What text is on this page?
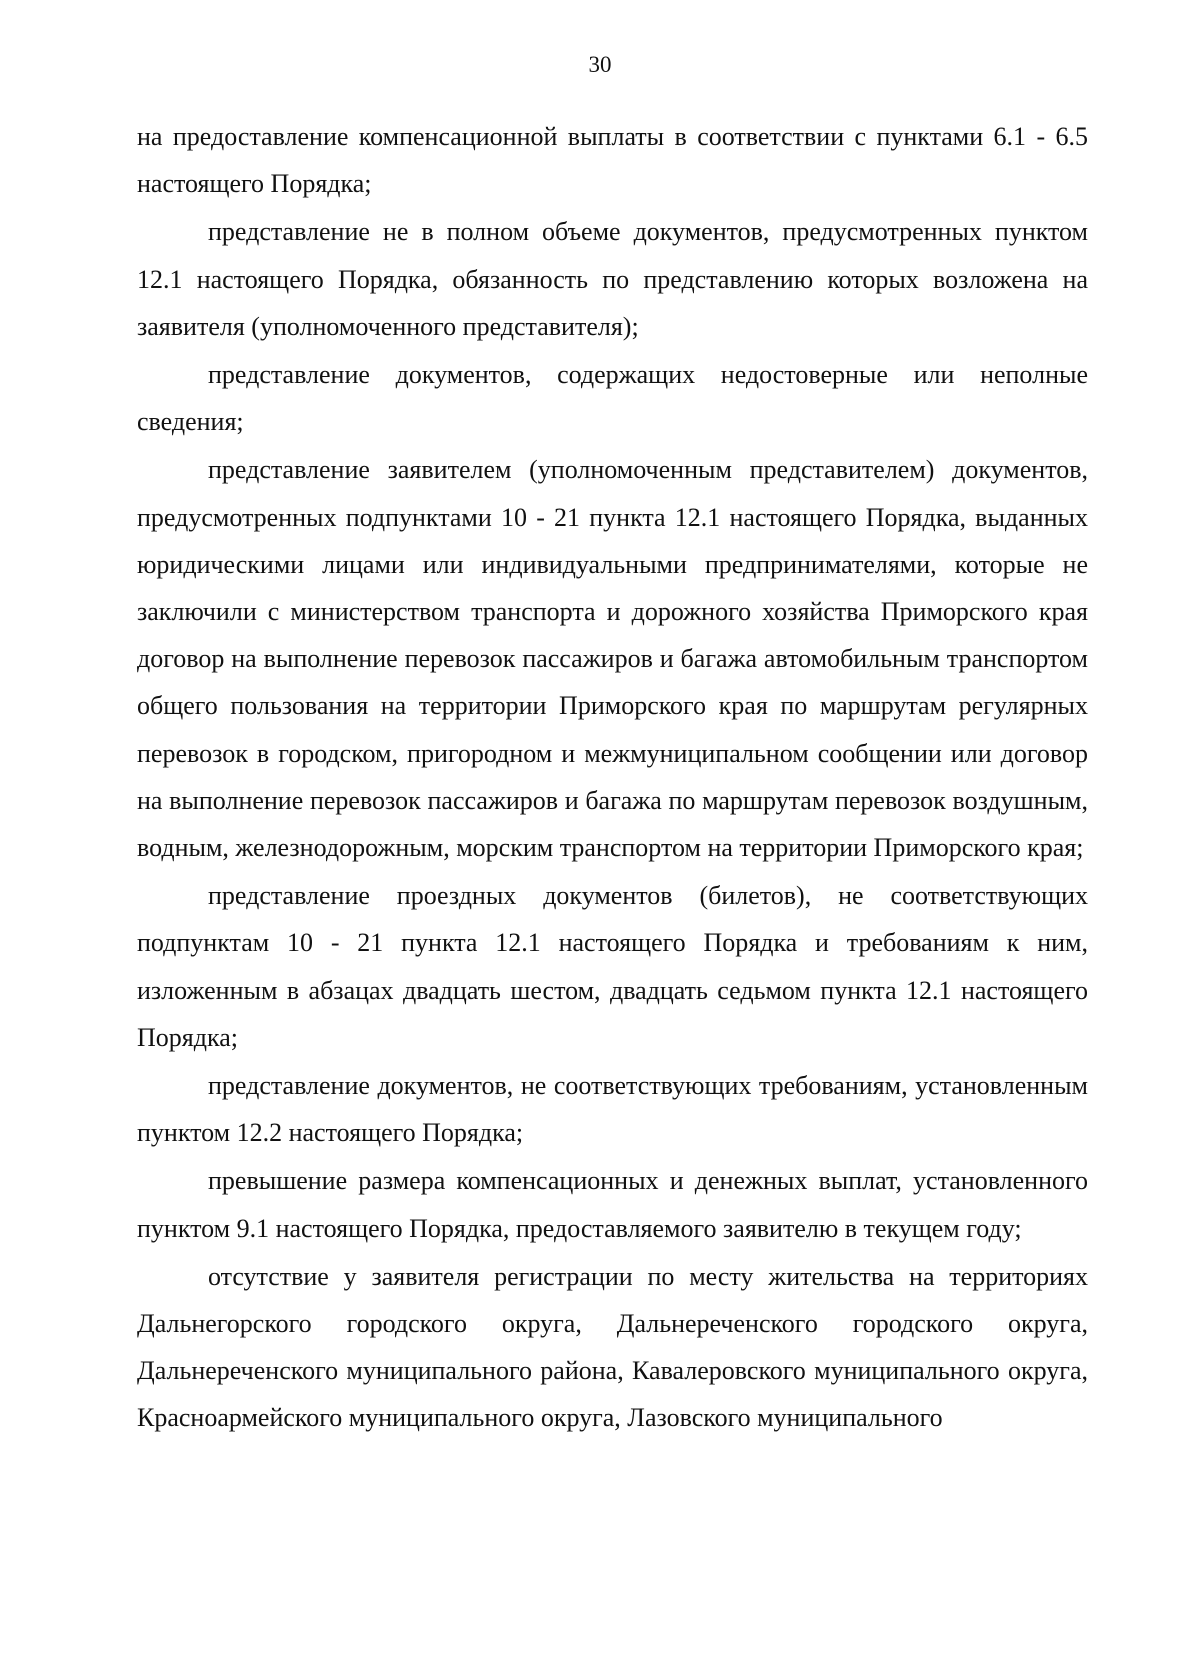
30

на предоставление компенсационной выплаты в соответствии с пунктами 6.1 - 6.5 настоящего Порядка;

представление не в полном объеме документов, предусмотренных пунктом 12.1 настоящего Порядка, обязанность по представлению которых возложена на заявителя (уполномоченного представителя);

представление документов, содержащих недостоверные или неполные сведения;

представление заявителем (уполномоченным представителем) документов, предусмотренных подпунктами 10 - 21 пункта 12.1 настоящего Порядка, выданных юридическими лицами или индивидуальными предпринимателями, которые не заключили с министерством транспорта и дорожного хозяйства Приморского края договор на выполнение перевозок пассажиров и багажа автомобильным транспортом общего пользования на территории Приморского края по маршрутам регулярных перевозок в городском, пригородном и межмуниципальном сообщении или договор на выполнение перевозок пассажиров и багажа по маршрутам перевозок воздушным, водным, железнодорожным, морским транспортом на территории Приморского края;

представление проездных документов (билетов), не соответствующих подпунктам 10 - 21 пункта 12.1 настоящего Порядка и требованиям к ним, изложенным в абзацах двадцать шестом, двадцать седьмом пункта 12.1 настоящего Порядка;

представление документов, не соответствующих требованиям, установленным пунктом 12.2 настоящего Порядка;

превышение размера компенсационных и денежных выплат, установленного пунктом 9.1 настоящего Порядка, предоставляемого заявителю в текущем году;

отсутствие у заявителя регистрации по месту жительства на территориях Дальнегорского городского округа, Дальнереченского городского округа, Дальнереченского муниципального района, Кавалеровского муниципального округа, Красноармейского муниципального округа, Лазовского муниципального
